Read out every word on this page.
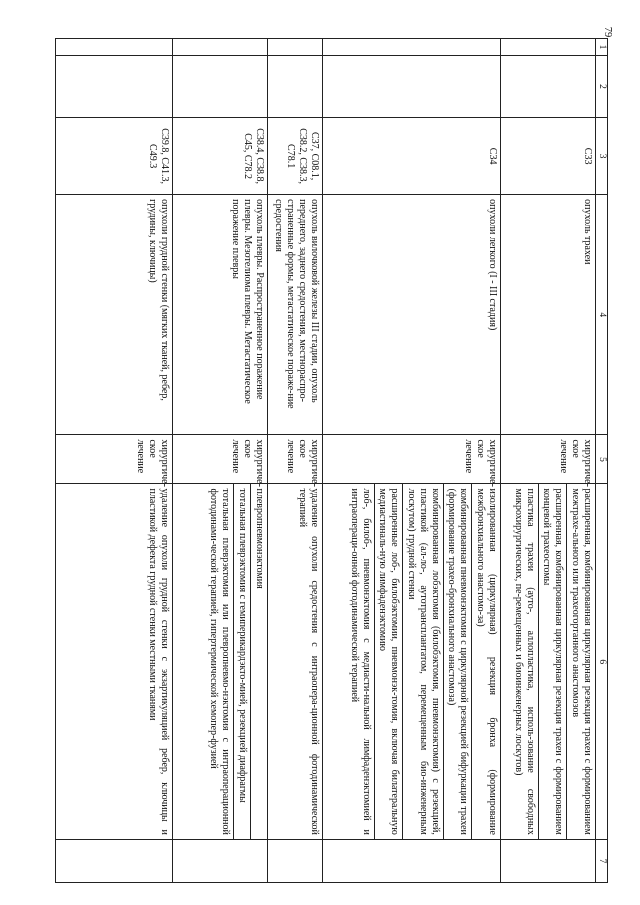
79
1	2	3	4	5	6	7
		C33	опухоль трахеи	хирургиче-ское лечение	расширенная, комбинированная циркулярная резекция трахеи с формированием межтрахе-ального или трахеогортанного анастомозов
расширенная, комбинированная циркулярная резекция трахеи с формированием концевой трахеостомы
пластика трахеи (ауто-, аллопластика, исполь-зование свободных микрохирургических, пе-ремещенных и биоинженерных лоскутов)	

		C34	опухоли легкого (I - III стадия)	хирургиче-ское лечение	изолированная (циркулярная) резекция бронха (формирование межбронхиального анастомо-за)
комбинированная пневмонэктомия с циркулярной резекцией бифуркации трахеи (формирование трахео-бронхиального анастомоза)
комбинированная лобэктомия (билобэктомия, пневмонэктомия) с резекцией, пластикой (ал-ло-, аутотрансплантатом, перемещенным био-инженерным лоскутом) грудной стенки
расширенные лоб-, билобэктомии, пневмонэк-томия, включая билатеральную медиастиналь-ную лимфаденэктомию
лоб-, билоб-, пневмонэктомия с медиасти-нальной лимфаденэктомией и интраопераци-онной фотодинамической терапией	

		C37, C08.1, C38.2, C38.3, C78.1	опухоль вилочковой железы III стадии, опухоль переднего, заднего средостения, местнораспро-страненные формы, метастатическое пораже-ние средостения	хирургиче-ское лечение	удаление опухоли средостения с интраопера-ционной фотодинамической терапией	

		C38.4, C38.8, C45, C78.2	опухоль плевры. Распространенное поражение плевры. Мезотелиома плевры. Метастатическое поражение плевры	хирургиче-ское лечение	плевропневмонэктомия
тотальная плеврэктомия с гемиперикардэкто-мией, резекцией диафрагмы
тотальная плеврэктомия или плевропневмо-нэктомия с интраоперационной фотодинами-ческой терапией, гипертермической хемопер-фузией	

		C39.8, C41.3, C49.3	опухоли грудной стенки (мягких тканей, ребер, грудины, ключицы)	хирургиче-ское лечение	удаление опухоли грудной стенки с экзартикуляцией ребер, ключицы и пластикой дефекта грудной стенки местными тканями	
